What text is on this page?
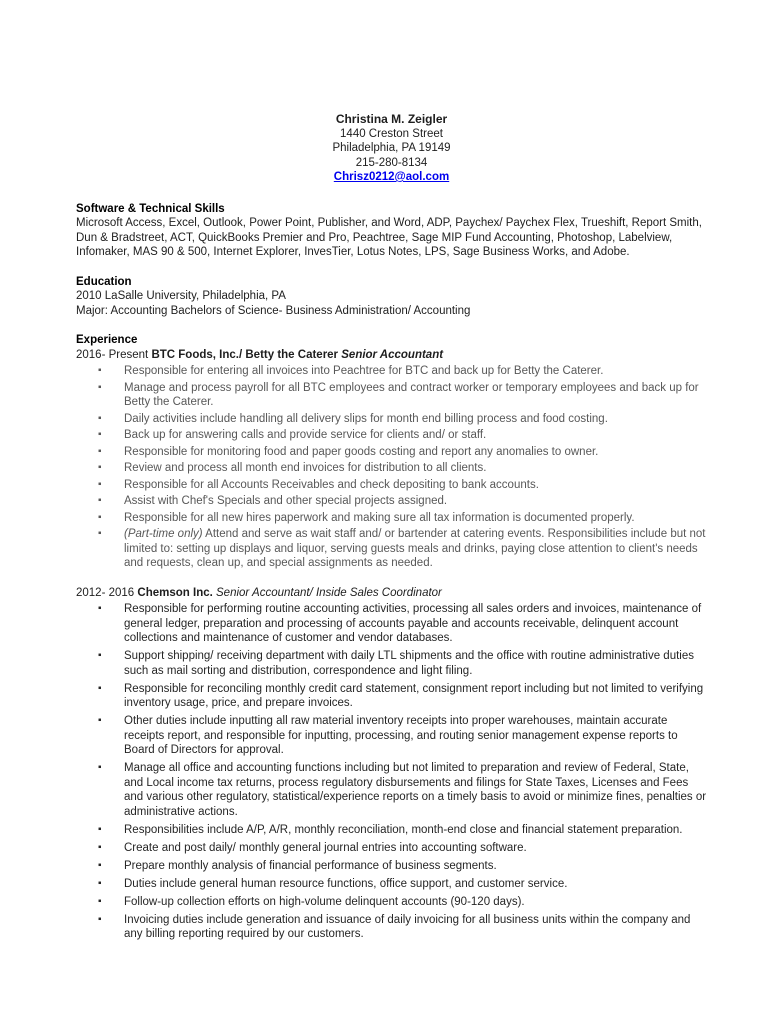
Christina M. Zeigler
1440 Creston Street
Philadelphia, PA 19149
215-280-8134
Chrisz0212@aol.com
Software & Technical Skills

Microsoft Access, Excel, Outlook, Power Point, Publisher, and Word, ADP, Paychex/ Paychex Flex, Trueshift, Report Smith, Dun & Bradstreet, ACT, QuickBooks Premier and Pro, Peachtree, Sage MIP Fund Accounting, Photoshop, Labelview, Infomaker, MAS 90 & 500, Internet Explorer, InvesTier, Lotus Notes, LPS, Sage Business Works, and Adobe.

Education
2010 LaSalle University, Philadelphia, PA
Major: Accounting Bachelors of Science- Business Administration/ Accounting
Experience
2016- Present BTC Foods, Inc./ Betty the Caterer Senior Accountant
▪ Responsible for entering all invoices into Peachtree for BTC and back up for Betty the Caterer.
▪ Manage and process payroll for all BTC employees and contract worker or temporary employees and back up for Betty the Caterer.
▪ Daily activities include handling all delivery slips for month end billing process and food costing.
▪ Back up for answering calls and provide service for clients and/ or staff.
▪ Responsible for monitoring food and paper goods costing and report any anomalies to owner.
▪ Review and process all month end invoices for distribution to all clients.
▪ Responsible for all Accounts Receivables and check depositing to bank accounts.
▪ Assist with Chef's Specials and other special projects assigned.
▪ Responsible for all new hires paperwork and making sure all tax information is documented properly.
▪ (Part-time only) Attend and serve as wait staff and/ or bartender at catering events. Responsibilities include but not limited to: setting up displays and liquor, serving guests meals and drinks, paying close attention to client's needs and requests, clean up, and special assignments as needed.
2012- 2016 Chemson Inc. Senior Accountant/ Inside Sales Coordinator
▪ Responsible for performing routine accounting activities, processing all sales orders and invoices, maintenance of general ledger, preparation and processing of accounts payable and accounts receivable, delinquent account collections and maintenance of customer and vendor databases.
▪ Support shipping/ receiving department with daily LTL shipments and the office with routine administrative duties such as mail sorting and distribution, correspondence and light filing.
▪ Responsible for reconciling monthly credit card statement, consignment report including but not limited to verifying inventory usage, price, and prepare invoices.
▪ Other duties include inputting all raw material inventory receipts into proper warehouses, maintain accurate receipts report, and responsible for inputting, processing, and routing senior management expense reports to Board of Directors for approval.
▪ Manage all office and accounting functions including but not limited to preparation and review of Federal, State, and Local income tax returns, process regulatory disbursements and filings for State Taxes, Licenses and Fees and various other regulatory, statistical/experience reports on a timely basis to avoid or minimize fines, penalties or administrative actions.
▪ Responsibilities include A/P, A/R, monthly reconciliation, month-end close and financial statement preparation.
▪ Create and post daily/ monthly general journal entries into accounting software.
▪ Prepare monthly analysis of financial performance of business segments.
▪ Duties include general human resource functions, office support, and customer service.
▪ Follow-up collection efforts on high-volume delinquent accounts (90-120 days).
▪ Invoicing duties include generation and issuance of daily invoicing for all business units within the company and any billing reporting required by our customers.
